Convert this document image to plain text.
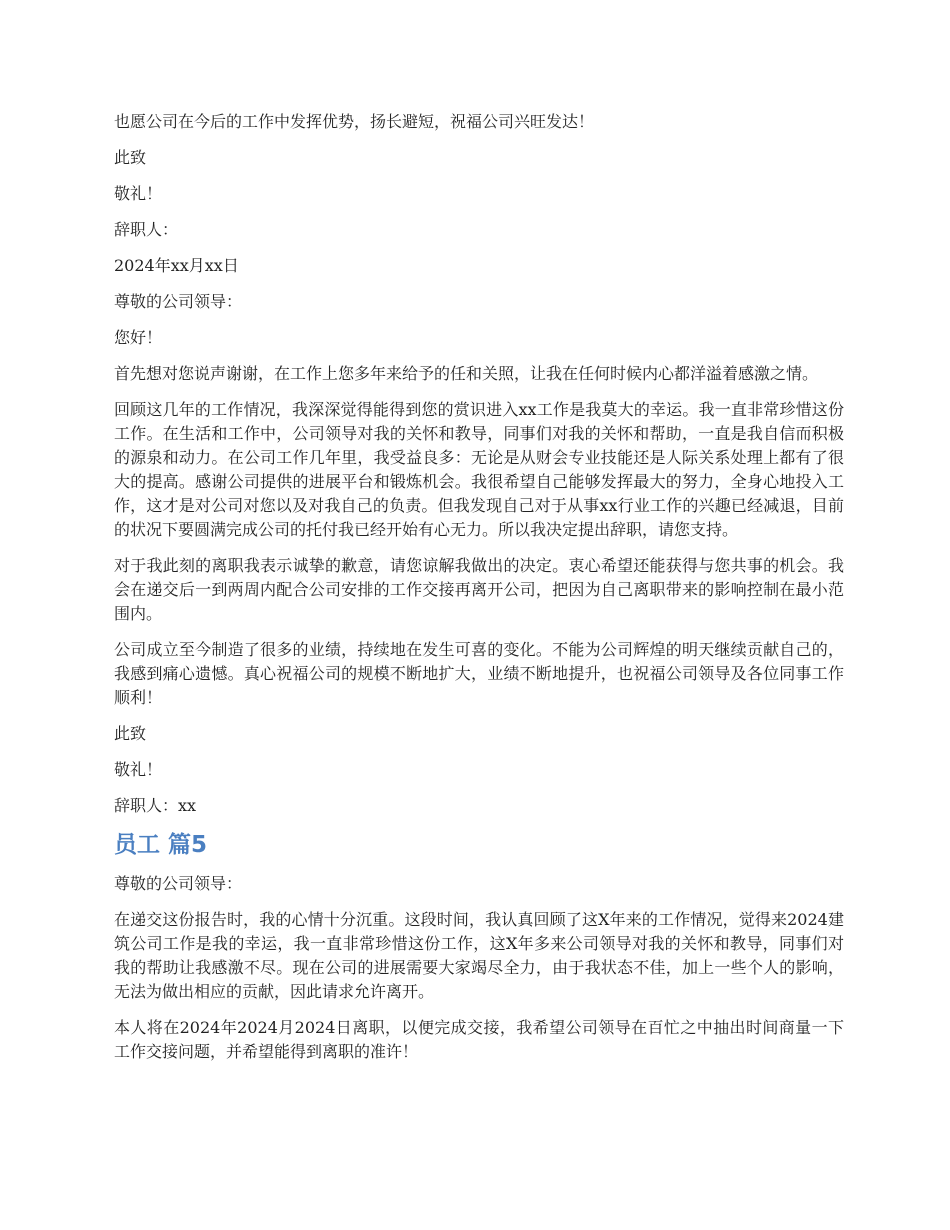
也愿公司在今后的工作中发挥优势，扬长避短，祝福公司兴旺发达！

此致

敬礼！

辞职人：

2024年xx月xx日

尊敬的公司领导：

您好！

首先想对您说声谢谢，在工作上您多年来给予的任和关照，让我在任何时候内心都洋溢着感激之情。

回顾这几年的工作情况，我深深觉得能得到您的赏识进入xx工作是我莫大的幸运。我一直非常珍惜这份工作。在生活和工作中，公司领导对我的关怀和教导，同事们对我的关怀和帮助，一直是我自信而积极的源泉和动力。在公司工作几年里，我受益良多：无论是从财会专业技能还是人际关系处理上都有了很大的提高。感谢公司提供的进展平台和锻炼机会。我很希望自己能够发挥最大的努力，全身心地投入工作，这才是对公司对您以及对我自己的负责。但我发现自己对于从事xx行业工作的兴趣已经减退，目前的状况下要圆满完成公司的托付我已经开始有心无力。所以我决定提出辞职，请您支持。

对于我此刻的离职我表示诚挚的歉意，请您谅解我做出的决定。衷心希望还能获得与您共事的机会。我会在递交后一到两周内配合公司安排的工作交接再离开公司，把因为自己离职带来的影响控制在最小范围内。

公司成立至今制造了很多的业绩，持续地在发生可喜的变化。不能为公司辉煌的明天继续贡献自己的，我感到痛心遗憾。真心祝福公司的规模不断地扩大，业绩不断地提升，也祝福公司领导及各位同事工作顺利！

此致

敬礼！

辞职人：xx

员工 篇5

尊敬的公司领导：

在递交这份报告时，我的心情十分沉重。这段时间，我认真回顾了这X年来的工作情况，觉得来2024建筑公司工作是我的幸运，我一直非常珍惜这份工作，这X年多来公司领导对我的关怀和教导，同事们对我的帮助让我感激不尽。现在公司的进展需要大家竭尽全力，由于我状态不佳，加上一些个人的影响，无法为做出相应的贡献，因此请求允许离开。

本人将在2024年2024月2024日离职，以便完成交接，我希望公司领导在百忙之中抽出时间商量一下工作交接问题，并希望能得到离职的准许！
